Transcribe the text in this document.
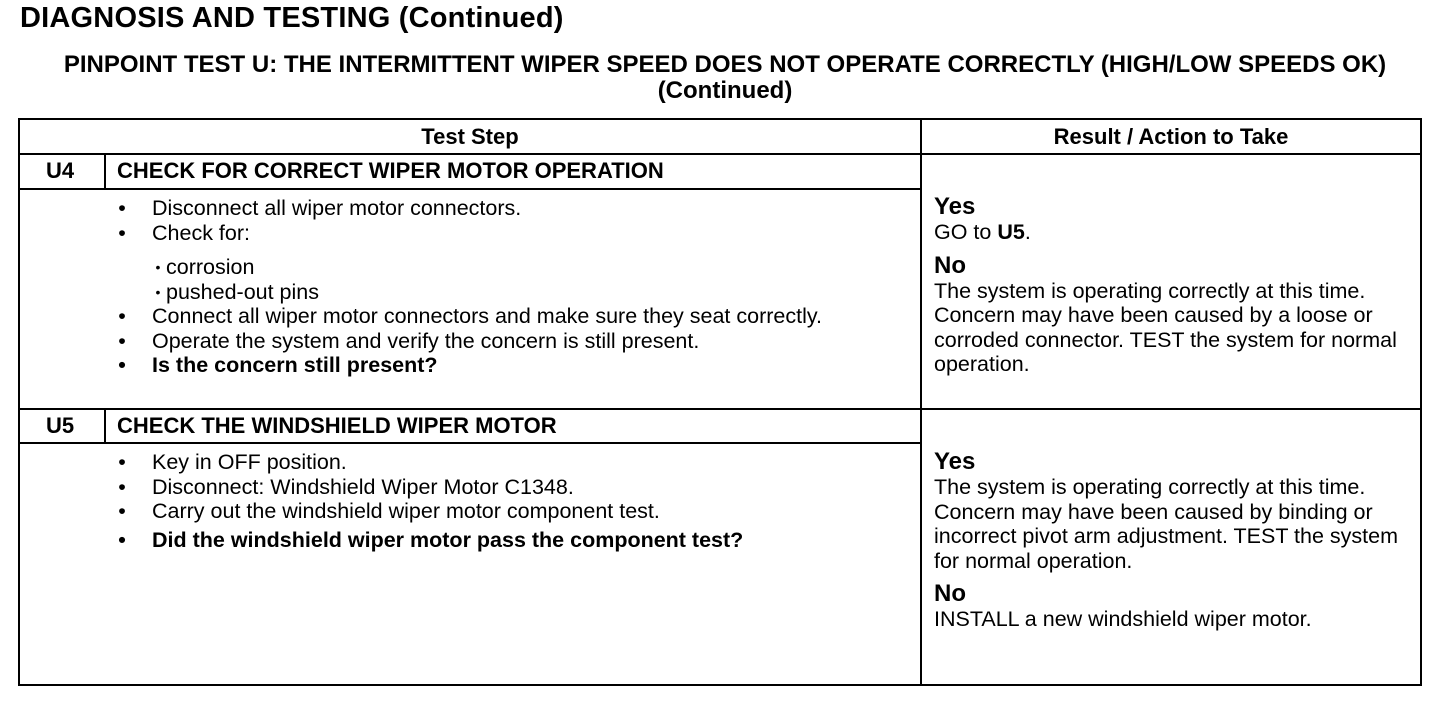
DIAGNOSIS AND TESTING (Continued)
PINPOINT TEST U: THE INTERMITTENT WIPER SPEED DOES NOT OPERATE CORRECTLY (HIGH/LOW SPEEDS OK) (Continued)
Test Step	Result / Action to Take
U4 CHECK FOR CORRECT WIPER MOTOR OPERATION
• Disconnect all wiper motor connectors.
• Check for:
• corrosion
• pushed-out pins
• Connect all wiper motor connectors and make sure they seat correctly.
• Operate the system and verify the concern is still present.
• Is the concern still present?
Yes
GO to U5.
No
The system is operating correctly at this time. Concern may have been caused by a loose or corroded connector. TEST the system for normal operation.
U5 CHECK THE WINDSHIELD WIPER MOTOR
• Key in OFF position.
• Disconnect: Windshield Wiper Motor C1348.
• Carry out the windshield wiper motor component test.
• Did the windshield wiper motor pass the component test?
Yes
The system is operating correctly at this time. Concern may have been caused by binding or incorrect pivot arm adjustment. TEST the system for normal operation.
No
INSTALL a new windshield wiper motor.
